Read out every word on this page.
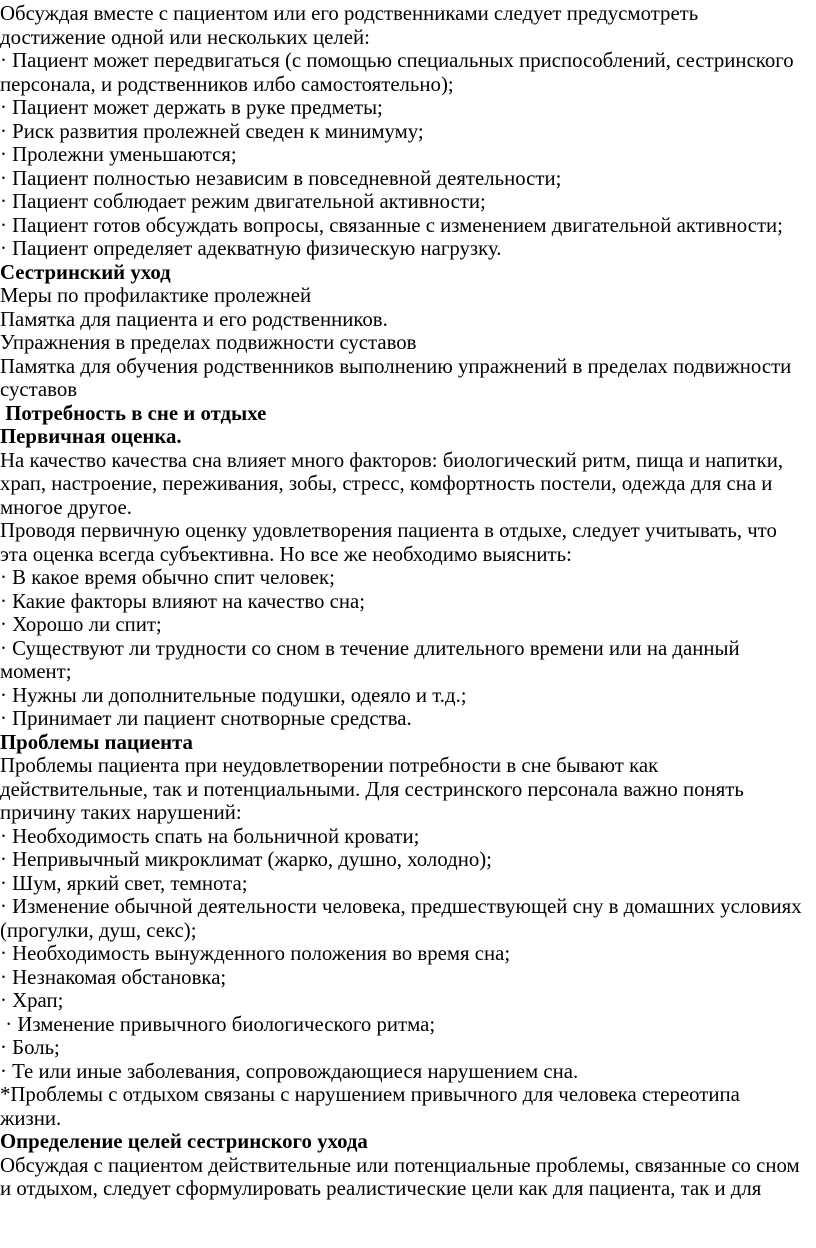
Обсуждая вместе с пациентом или его родственниками следует предусмотреть достижение одной или нескольких целей:

· Пациент может передвигаться (с помощью специальных приспособлений, сестринского персонала, и родственников илбо самостоятельно);

· Пациент может держать в руке предметы;

· Риск развития пролежней сведен к минимуму;

· Пролежни уменьшаются;

· Пациент полностью независим в повседневной деятельности;

· Пациент соблюдает режим двигательной активности;

· Пациент готов обсуждать вопросы, связанные с изменением двигательной активности;

· Пациент определяет адекватную физическую нагрузку.

Сестринский уход

Меры по профилактике пролежней

Памятка для пациента и его родственников.

Упражнения в пределах подвижности суставов

Памятка для обучения родственников выполнению упражнений в пределах подвижности суставов

Потребность в сне и отдыхе

Первичная оценка.

На качество качества сна влияет много факторов: биологический ритм, пища и напитки, храп, настроение, переживания, зобы, стресс, комфортность постели, одежда для сна и многое другое.

Проводя первичную оценку удовлетворения пациента в отдыхе, следует учитывать, что эта оценка всегда субъективна. Но все же необходимо выяснить:

· В какое время обычно спит человек;

· Какие факторы влияют на качество сна;

· Хорошо ли спит;

· Существуют ли трудности со сном в течение длительного времени или на данный момент;

· Нужны ли дополнительные подушки, одеяло и т.д.;

· Принимает ли пациент снотворные средства.

Проблемы пациента

Проблемы пациента при неудовлетворении потребности в сне бывают как действительные, так и потенциальными. Для сестринского персонала важно понять причину таких нарушений:

· Необходимость спать на больничной кровати;

· Непривычный микроклимат (жарко, душно, холодно);

· Шум, яркий свет, темнота;

· Изменение обычной деятельности человека, предшествующей сну в домашних условиях (прогулки, душ, секс);

· Необходимость вынужденного положения во время сна;

· Незнакомая обстановка;

· Храп;

· Изменение привычного биологического ритма;

· Боль;

· Те или иные заболевания, сопровождающиеся нарушением сна.

*Проблемы с отдыхом связаны с нарушением привычного для человека стереотипа жизни.

Определение целей сестринского ухода

Обсуждая с пациентом действительные или потенциальные проблемы, связанные со сном и отдыхом, следует сформулировать реалистические цели как для пациента, так и для
